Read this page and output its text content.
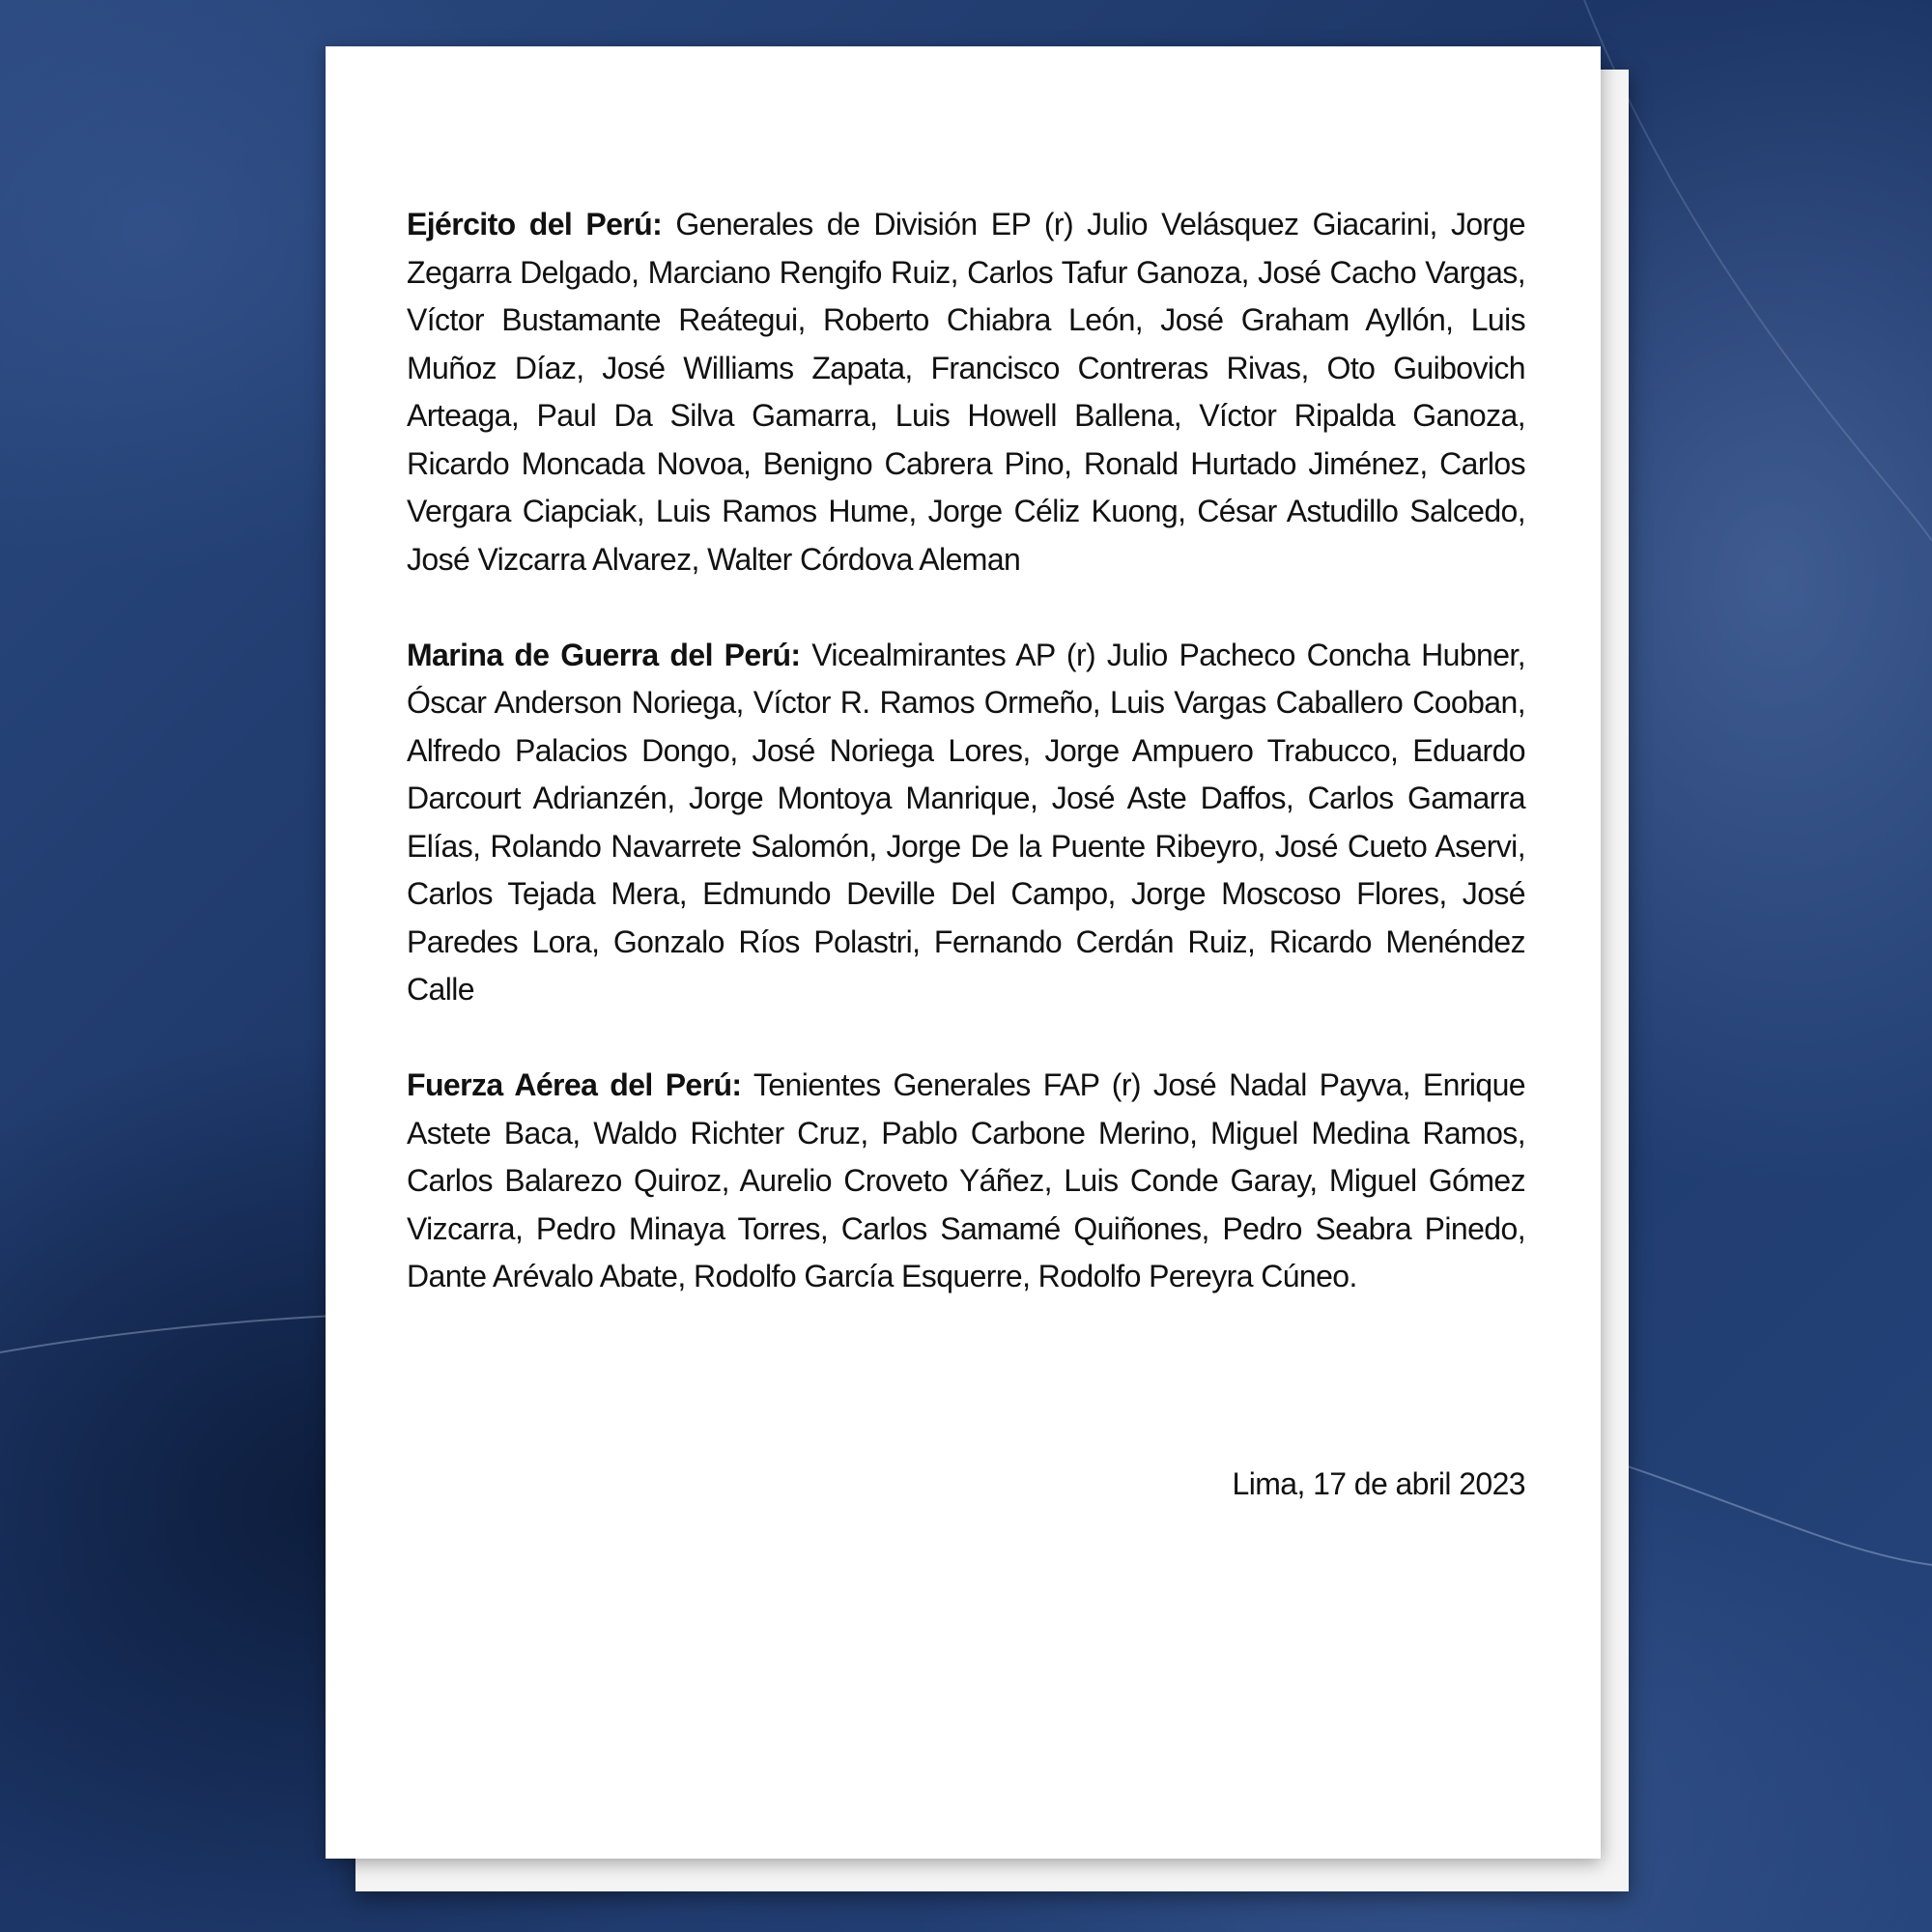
Ejército del Perú: Generales de División EP (r) Julio Velásquez Giacarini, Jorge Zegarra Delgado, Marciano Rengifo Ruiz, Carlos Tafur Ganoza, José Cacho Vargas, Víctor Bustamante Reátegui, Roberto Chiabra León, José Graham Ayllón, Luis Muñoz Díaz, José Williams Zapata, Francisco Contreras Rivas, Oto Guibovich Arteaga, Paul Da Silva Gamarra, Luis Howell Ballena, Víctor Ripalda Ganoza, Ricardo Moncada Novoa, Benigno Cabrera Pino, Ronald Hurtado Jiménez, Carlos Vergara Ciapciak, Luis Ramos Hume, Jorge Céliz Kuong, César Astudillo Salcedo, José Vizcarra Alvarez, Walter Córdova Aleman

Marina de Guerra del Perú: Vicealmirantes AP (r) Julio Pacheco Concha Hubner, Óscar Anderson Noriega, Víctor R. Ramos Ormeño, Luis Vargas Caballero Cooban, Alfredo Palacios Dongo, José Noriega Lores, Jorge Ampuero Trabucco, Eduardo Darcourt Adrianzén, Jorge Montoya Manrique, José Aste Daffos, Carlos Gamarra Elías, Rolando Navarrete Salomón, Jorge De la Puente Ribeyro, José Cueto Aservi, Carlos Tejada Mera, Edmundo Deville Del Campo, Jorge Moscoso Flores, José Paredes Lora, Gonzalo Ríos Polastri, Fernando Cerdán Ruiz, Ricardo Menéndez Calle

Fuerza Aérea del Perú: Tenientes Generales FAP (r) José Nadal Payva, Enrique Astete Baca, Waldo Richter Cruz, Pablo Carbone Merino, Miguel Medina Ramos, Carlos Balarezo Quiroz, Aurelio Croveto Yáñez, Luis Conde Garay, Miguel Gómez Vizcarra, Pedro Minaya Torres, Carlos Samamé Quiñones, Pedro Seabra Pinedo, Dante Arévalo Abate, Rodolfo García Esquerre, Rodolfo Pereyra Cúneo.

Lima, 17 de abril 2023
